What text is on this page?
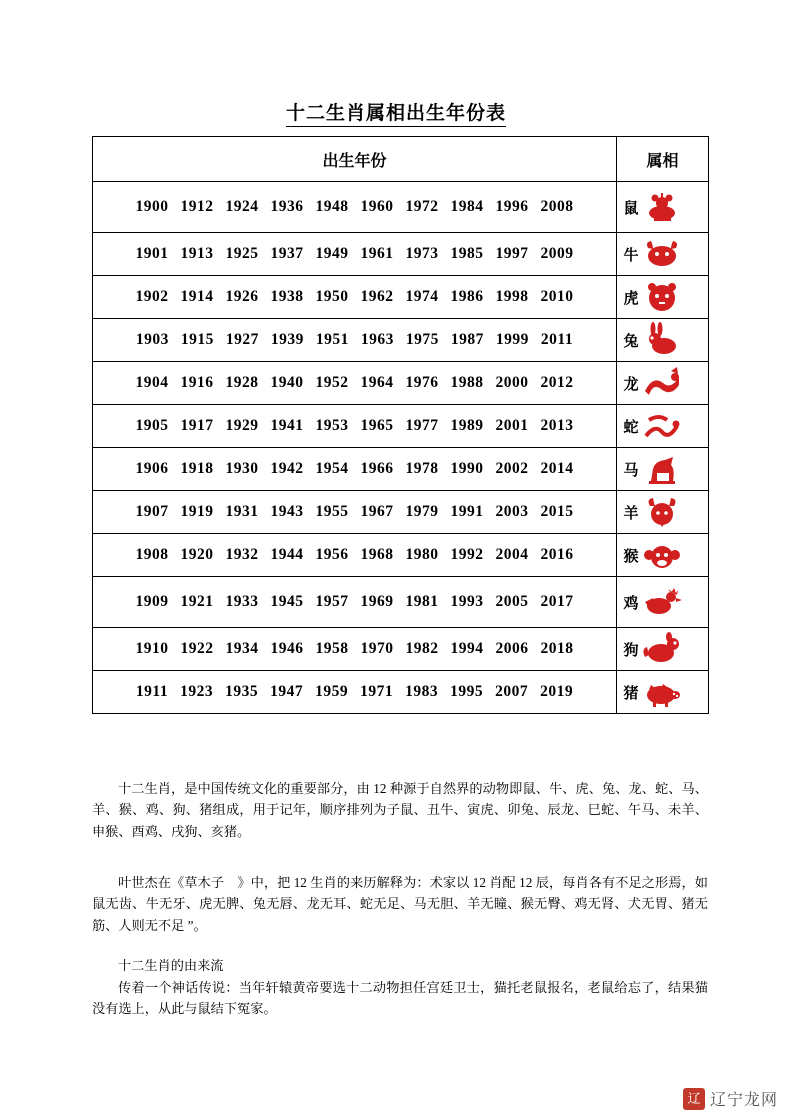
十二生肖属相出生年份表
出生年份	属相
1900 1912 1924 1936 1948 1960 1972 1984 1996 2008	鼠

1901 1913 1925 1937 1949 1961 1973 1985 1997 2009	牛

1902 1914 1926 1938 1950 1962 1974 1986 1998 2010	虎

1903 1915 1927 1939 1951 1963 1975 1987 1999 2011	兔

1904 1916 1928 1940 1952 1964 1976 1988 2000 2012	龙

1905 1917 1929 1941 1953 1965 1977 1989 2001 2013	蛇

1906 1918 1930 1942 1954 1966 1978 1990 2002 2014	马

1907 1919 1931 1943 1955 1967 1979 1991 2003 2015	羊

1908 1920 1932 1944 1956 1968 1980 1992 2004 2016	猴

1909 1921 1933 1945 1957 1969 1981 1993 2005 2017	鸡

1910 1922 1934 1946 1958 1970 1982 1994 2006 2018	狗

1911 1923 1935 1947 1959 1971 1983 1995 2007 2019	猪
十二生肖，是中国传统文化的重要部分，由 12 种源于自然界的动物即鼠、牛、虎、兔、龙、蛇、马、羊、猴、鸡、狗、猪组成，用于记年，顺序排列为子鼠、丑牛、寅虎、卯兔、辰龙、巳蛇、午马、未羊、申猴、酉鸡、戌狗、亥猪。
叶世杰在《草木子　》中，把 12 生肖的来历解释为：术家以 12 肖配 12 辰，每肖各有不足之形焉，如鼠无齿、牛无牙、虎无脾、兔无唇、龙无耳、蛇无足、马无胆、羊无瞳、猴无臀、鸡无肾、犬无胃、猪无　筋、人则无不足 ”。
十二生肖的由来流
传着一个神话传说：当年轩辕黄帝要选十二动物担任宫廷卫士，猫托老鼠报名，老鼠给忘了，结果猫没有选上，从此与鼠结下冤家。
辽 辽宁龙网
